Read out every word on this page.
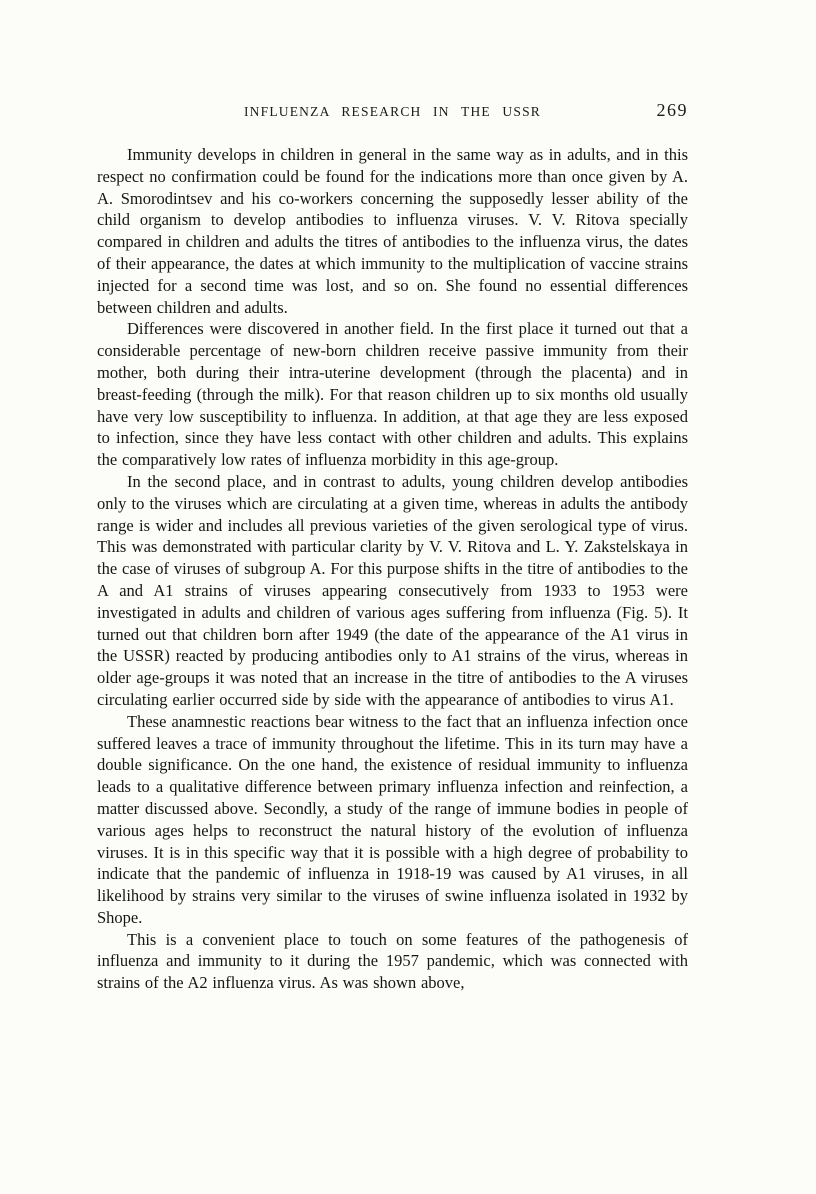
INFLUENZA RESEARCH IN THE USSR	269

Immunity develops in children in general in the same way as in adults, and in this respect no confirmation could be found for the indications more than once given by A. A. Smorodintsev and his co-workers concerning the supposedly lesser ability of the child organism to develop antibodies to influenza viruses. V. V. Ritova specially compared in children and adults the titres of antibodies to the influenza virus, the dates of their appearance, the dates at which immunity to the multiplication of vaccine strains injected for a second time was lost, and so on. She found no essential differences between children and adults.

Differences were discovered in another field. In the first place it turned out that a considerable percentage of new-born children receive passive immunity from their mother, both during their intra-uterine development (through the placenta) and in breast-feeding (through the milk). For that reason children up to six months old usually have very low susceptibility to influenza. In addition, at that age they are less exposed to infection, since they have less contact with other children and adults. This explains the comparatively low rates of influenza morbidity in this age-group.

In the second place, and in contrast to adults, young children develop antibodies only to the viruses which are circulating at a given time, whereas in adults the antibody range is wider and includes all previous varieties of the given serological type of virus. This was demonstrated with particular clarity by V. V. Ritova and L. Y. Zakstelskaya in the case of viruses of subgroup A. For this purpose shifts in the titre of antibodies to the A and A1 strains of viruses appearing consecutively from 1933 to 1953 were investigated in adults and children of various ages suffering from influenza (Fig. 5). It turned out that children born after 1949 (the date of the appearance of the A1 virus in the USSR) reacted by producing antibodies only to A1 strains of the virus, whereas in older age-groups it was noted that an increase in the titre of antibodies to the A viruses circulating earlier occurred side by side with the appearance of antibodies to virus A1.

These anamnestic reactions bear witness to the fact that an influenza infection once suffered leaves a trace of immunity throughout the lifetime. This in its turn may have a double significance. On the one hand, the existence of residual immunity to influenza leads to a qualitative difference between primary influenza infection and reinfection, a matter discussed above. Secondly, a study of the range of immune bodies in people of various ages helps to reconstruct the natural history of the evolution of influenza viruses. It is in this specific way that it is possible with a high degree of probability to indicate that the pandemic of influenza in 1918-19 was caused by A1 viruses, in all likelihood by strains very similar to the viruses of swine influenza isolated in 1932 by Shope.

This is a convenient place to touch on some features of the pathogenesis of influenza and immunity to it during the 1957 pandemic, which was connected with strains of the A2 influenza virus. As was shown above,
